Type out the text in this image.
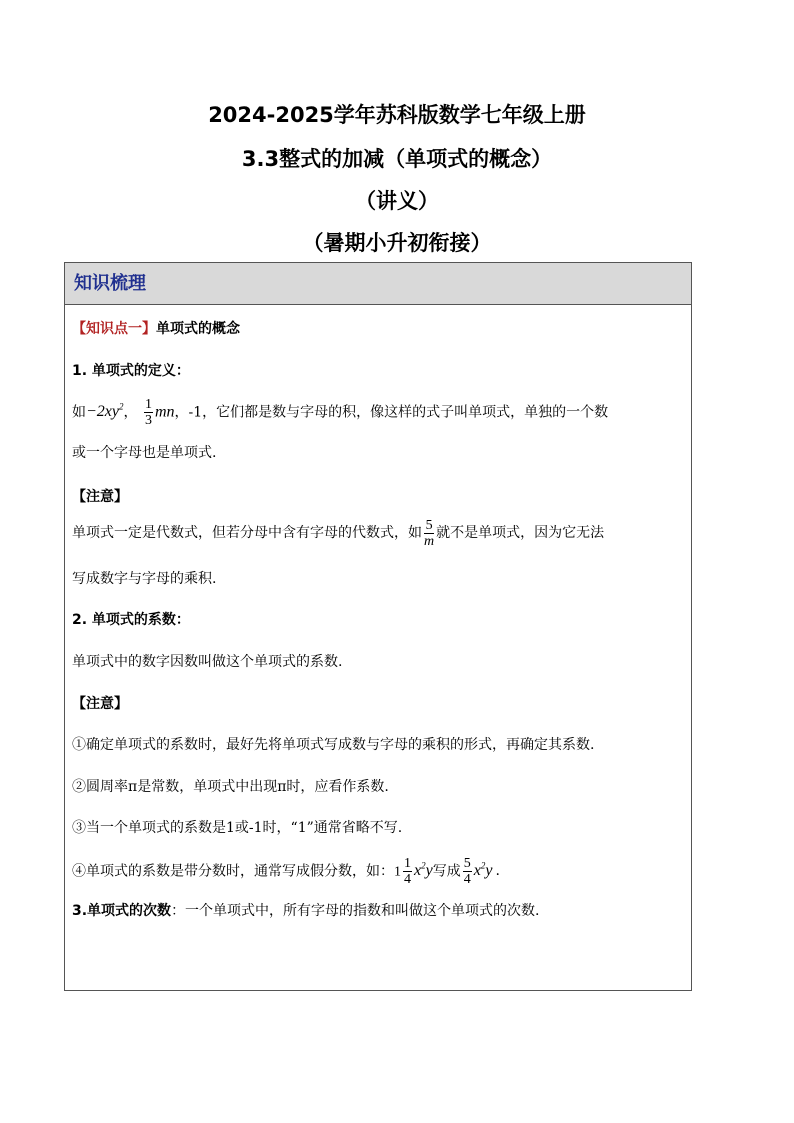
2024-2025学年苏科版数学七年级上册
3.3整式的加减（单项式的概念）
（讲义）
（暑期小升初衔接）
知识梳理
【知识点一】单项式的概念
1. 单项式的定义：
如$-2xy^2$， $\frac{1}{3}$ mn，-1，它们都是数与字母的积，像这样的式子叫单项式，单独的一个数
或一个字母也是单项式.
【注意】
单项式一定是代数式，但若分母中含有字母的代数式，如 $\frac{5}{m}$ 就不是单项式，因为它无法
写成数字与字母的乘积.
2. 单项式的系数：
单项式中的数字因数叫做这个单项式的系数.
【注意】
①确定单项式的系数时，最好先将单项式写成数与字母的乘积的形式，再确定其系数.
②圆周率π是常数，单项式中出现π时，应看作系数.
③当一个单项式的系数是1或-1时，“1”通常省略不写.
④单项式的系数是带分数时，通常写成假分数，如：$1 \frac{1}{4} x^2y$写成 $\frac{5}{4} x^2y$ .
3.单项式的次数：一个单项式中，所有字母的指数和叫做这个单项式的次数.
